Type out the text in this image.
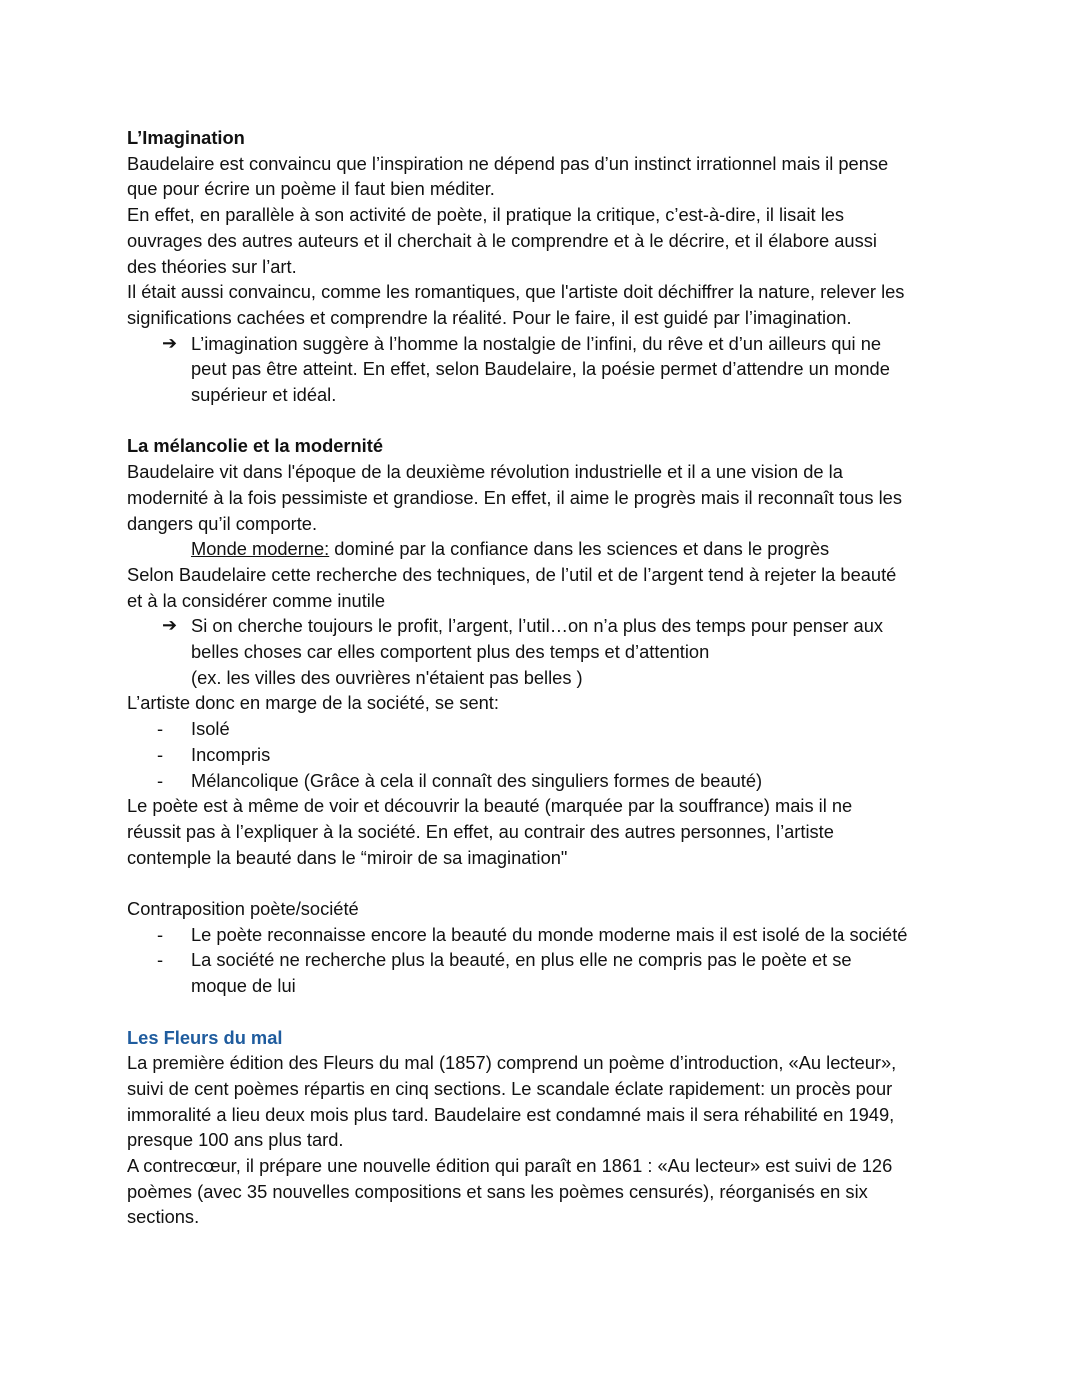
L’Imagination

Baudelaire est convaincu que l’inspiration ne dépend pas d’un instinct irrationnel mais il pense

que pour écrire un poème il faut bien méditer.

En effet, en parallèle à son activité de poète, il pratique la critique, c’est-à-dire, il lisait les

ouvrages des autres auteurs et il cherchait à le comprendre et à le décrire, et il élabore aussi

des théories sur l’art.

Il était aussi convaincu, comme les romantiques, que l'artiste doit déchiffrer la nature, relever les

significations cachées et comprendre la réalité. Pour le faire, il est guidé par l’imagination.

➔ L’imagination suggère à l’homme la nostalgie de l’infini, du rêve et d’un ailleurs qui ne

peut pas être atteint. En effet, selon Baudelaire, la poésie permet d’attendre un monde

supérieur et idéal.

La mélancolie et la modernité

Baudelaire vit dans l'époque de la deuxième révolution industrielle et il a une vision de la

modernité à la fois pessimiste et grandiose. En effet, il aime le progrès mais il reconnaît tous les

dangers qu’il comporte.

Monde moderne: dominé par la confiance dans les sciences et dans le progrès

Selon Baudelaire cette recherche des techniques, de l’util et de l’argent tend à rejeter la beauté

et à la considérer comme inutile

➔ Si on cherche toujours le profit, l’argent, l’util…on n’a plus des temps pour penser aux

belles choses car elles comportent plus des temps et d’attention

(ex. les villes des ouvrières n'étaient pas belles )

L’artiste donc en marge de la société, se sent:

- Isolé

- Incompris

- Mélancolique (Grâce à cela il connaît des singuliers formes de beauté)

Le poète est à même de voir et découvrir la beauté (marquée par la souffrance) mais il ne

réussit pas à l’expliquer à la société. En effet, au contrair des autres personnes, l’artiste

contemple la beauté dans le “miroir de sa imagination"

Contraposition poète/société

- Le poète reconnaisse encore la beauté du monde moderne mais il est isolé de la société

- La société ne recherche plus la beauté, en plus elle ne compris pas le poète et se

moque de lui

Les Fleurs du mal

La première édition des Fleurs du mal (1857) comprend un poème d’introduction, «Au lecteur»,

suivi de cent poèmes répartis en cinq sections. Le scandale éclate rapidement: un procès pour

immoralité a lieu deux mois plus tard. Baudelaire est condamné mais il sera réhabilité en 1949,

presque 100 ans plus tard.

A contrecœur, il prépare une nouvelle édition qui paraît en 1861 : «Au lecteur» est suivi de 126

poèmes (avec 35 nouvelles compositions et sans les poèmes censurés), réorganisés en six

sections.
